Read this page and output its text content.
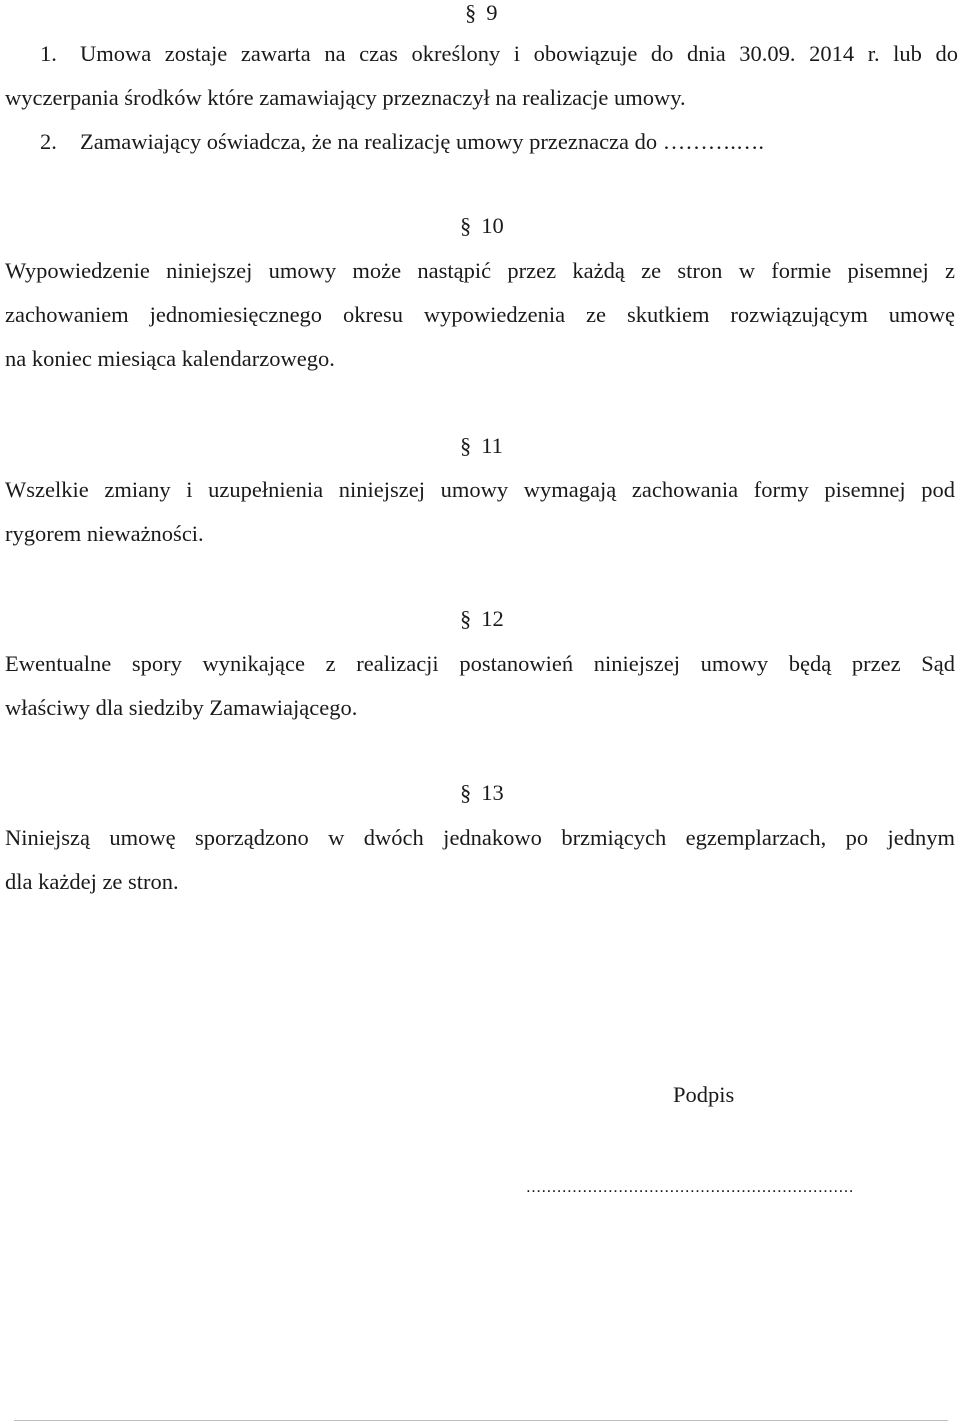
§ 9
1. Umowa zostaje zawarta na czas określony i obowiązuje do dnia 30.09. 2014 r. lub do
wyczerpania środków które zamawiający przeznaczył na realizacje umowy.
2. Zamawiający oświadcza, że na realizację umowy przeznacza do ……….….
§ 10
Wypowiedzenie niniejszej umowy może nastąpić przez każdą ze stron w formie pisemnej z
zachowaniem jednomiesięcznego okresu wypowiedzenia ze skutkiem rozwiązującym umowę
na koniec miesiąca kalendarzowego.
§ 11
Wszelkie zmiany i uzupełnienia niniejszej umowy wymagają zachowania formy pisemnej pod
rygorem nieważności.
§ 12
Ewentualne spory wynikające z realizacji postanowień niniejszej umowy będą przez Sąd
właściwy dla siedziby Zamawiającego.
§ 13
Niniejszą umowę sporządzono w dwóch jednakowo brzmiących egzemplarzach, po jednym
dla każdej ze stron.
Podpis
................................................................
